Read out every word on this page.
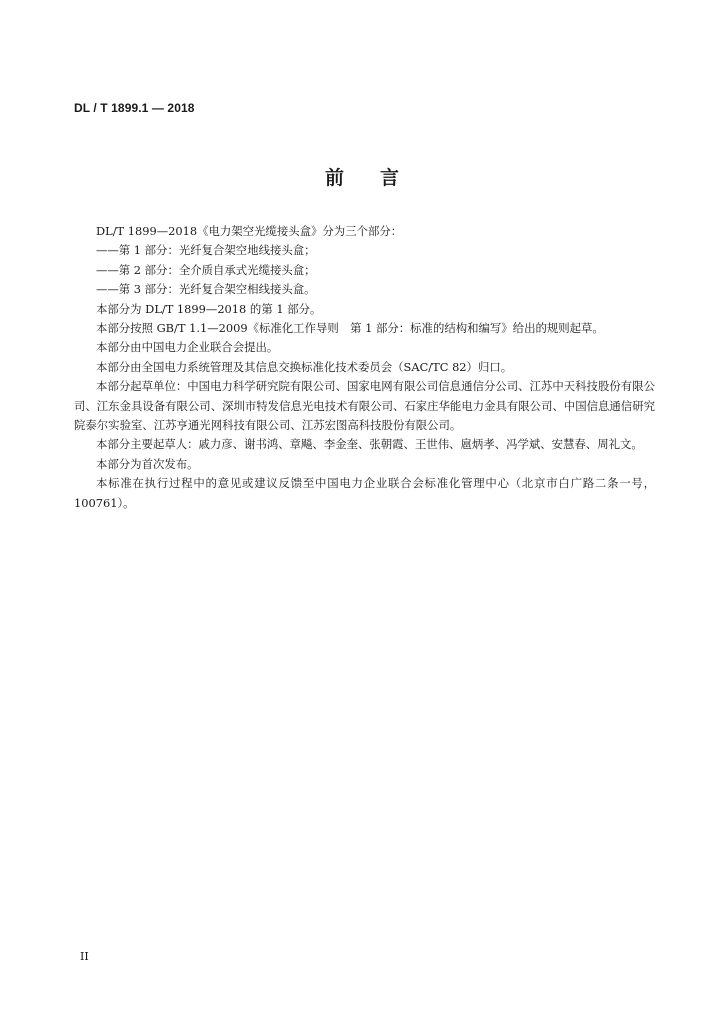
DL / T 1899.1 — 2018
前言

DL/T 1899—2018《电力架空光缆接头盒》分为三个部分：

——第 1 部分：光纤复合架空地线接头盒；

——第 2 部分：全介质自承式光缆接头盒；

——第 3 部分：光纤复合架空相线接头盒。

本部分为 DL/T 1899—2018 的第 1 部分。

本部分按照 GB/T 1.1—2009《标准化工作导则　第 1 部分：标准的结构和编写》给出的规则起草。

本部分由中国电力企业联合会提出。

本部分由全国电力系统管理及其信息交换标准化技术委员会（SAC/TC 82）归口。

本部分起草单位：中国电力科学研究院有限公司、国家电网有限公司信息通信分公司、江苏中天科技股份有限公司、江东金具设备有限公司、深圳市特发信息光电技术有限公司、石家庄华能电力金具有限公司、中国信息通信研究院泰尔实验室、江苏亨通光网科技有限公司、江苏宏图高科技股份有限公司。

本部分主要起草人：戚力彦、谢书鸿、章飚、李金奎、张朝霞、王世伟、扈炳孝、冯学斌、安慧春、周礼文。

本部分为首次发布。

本标准在执行过程中的意见或建议反馈至中国电力企业联合会标准化管理中心（北京市白广路二条一号，100761）。

II
